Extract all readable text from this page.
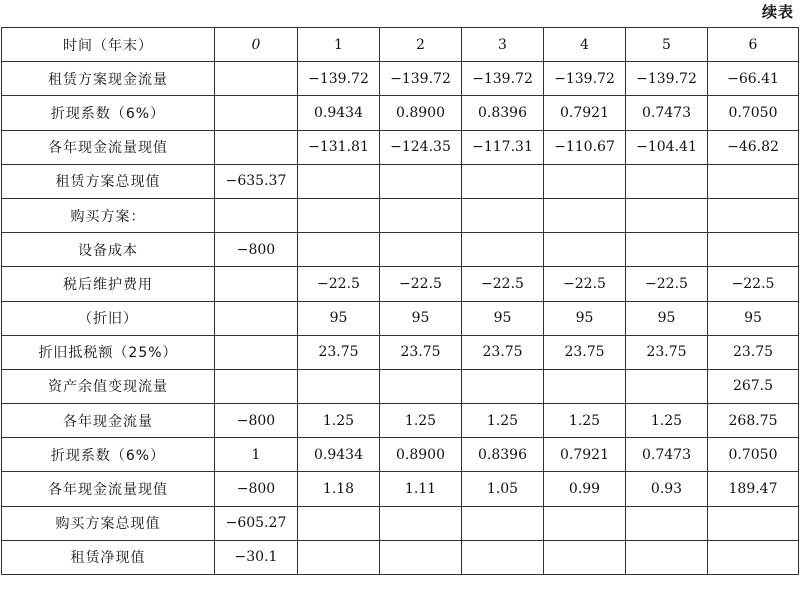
续表
时间（年末）	0	1	2	3	4	5	6
租赁方案现金流量		−139.72	−139.72	−139.72	−139.72	−139.72	−66.41
折现系数（6%）		0.9434	0.8900	0.8396	0.7921	0.7473	0.7050
各年现金流量现值		−131.81	−124.35	−117.31	−110.67	−104.41	−46.82
租赁方案总现值	−635.37						
购买方案：							
设备成本	−800						
税后维护费用		−22.5	−22.5	−22.5	−22.5	−22.5	−22.5
（折旧）		95	95	95	95	95	95
折旧抵税额（25%）		23.75	23.75	23.75	23.75	23.75	23.75
资产余值变现流量							267.5
各年现金流量	−800	1.25	1.25	1.25	1.25	1.25	268.75
折现系数（6%）	1	0.9434	0.8900	0.8396	0.7921	0.7473	0.7050
各年现金流量现值	−800	1.18	1.11	1.05	0.99	0.93	189.47
购买方案总现值	−605.27						
租赁净现值	−30.1						
